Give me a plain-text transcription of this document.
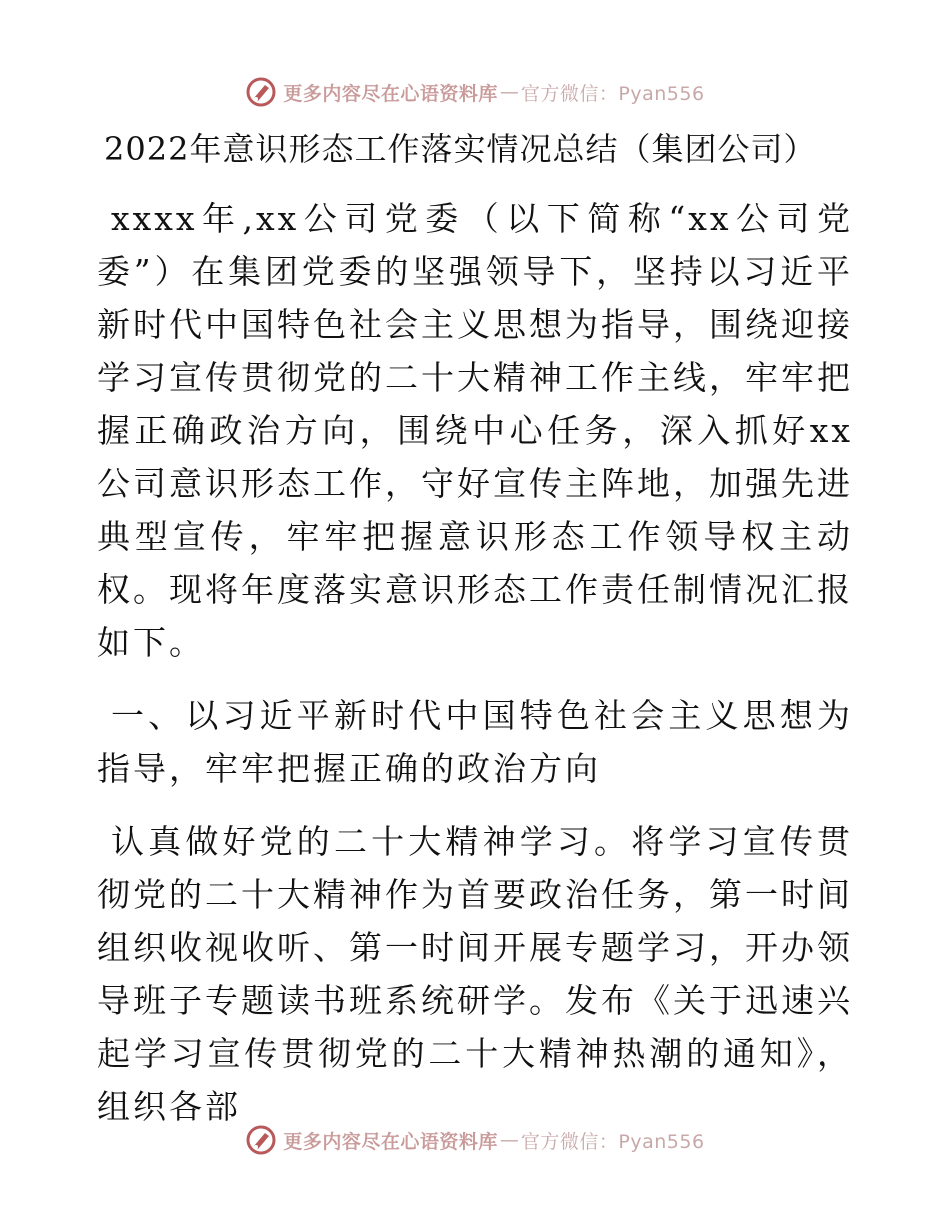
更多内容尽在心语资料库 — 官方微信：Pyan556
2022年意识形态工作落实情况总结（集团公司）

xxxx年,xx公司党委（以下简称“xx公司党委”）在集团党委的坚强领导下，坚持以习近平新时代中国特色社会主义思想为指导，围绕迎接学习宣传贯彻党的二十大精神工作主线，牢牢把握正确政治方向，围绕中心任务，深入抓好xx公司意识形态工作，守好宣传主阵地，加强先进典型宣传，牢牢把握意识形态工作领导权主动权。现将年度落实意识形态工作责任制情况汇报如下。

一、以习近平新时代中国特色社会主义思想为指导，牢牢把握正确的政治方向

认真做好党的二十大精神学习。将学习宣传贯彻党的二十大精神作为首要政治任务，第一时间组织收视收听、第一时间开展专题学习，开办领导班子专题读书班系统研学。发布《关于迅速兴起学习宣传贯彻党的二十大精神热潮的通知》，组织各部

更多内容尽在心语资料库 — 官方微信：Pyan556
